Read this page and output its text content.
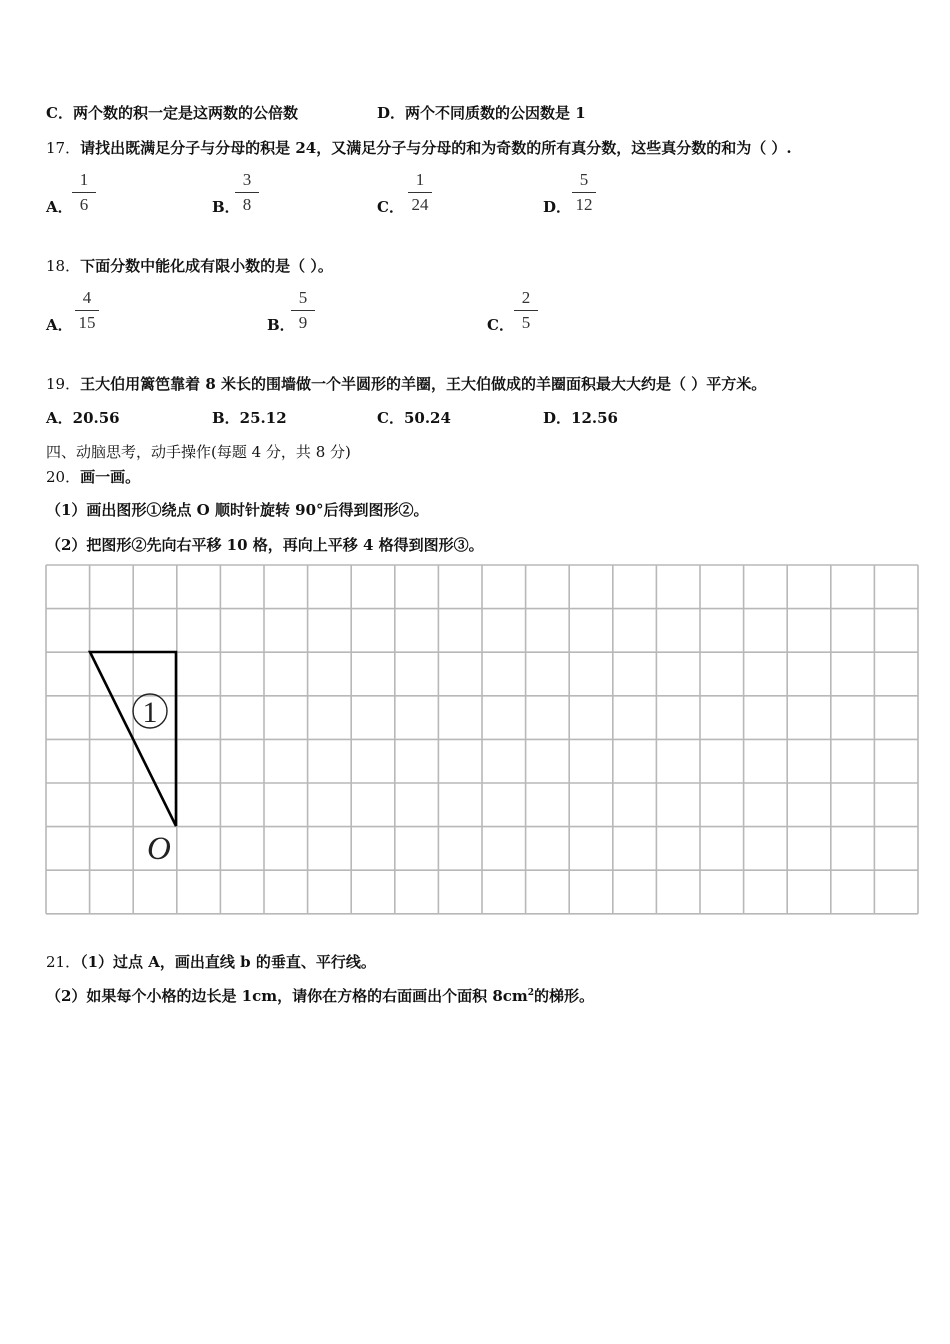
C．两个数的积一定是这两数的公倍数	D．两个不同质数的公因数是 1
17．请找出既满足分子与分母的积是 24，又满足分子与分母的和为奇数的所有真分数，这些真分数的和为（ ）.
A．
1
6	B．
3
8	C．
1
24	D．
5
12
18．下面分数中能化成有限小数的是（ ）。
A．
4
15	B．
5
9	C．
2
5
19．王大伯用篱笆靠着 8 米长的围墙做一个半圆形的羊圈，王大伯做成的羊圈面积最大大约是（ ）平方米。
A．20.56	B．25.12	C．50.24	D．12.56
四、动脑思考，动手操作(每题 4 分，共 8 分)
20．画一画。
（1）画出图形①绕点 O 顺时针旋转 90°后得到图形②。
（2）把图形②先向右平移 10 格，再向上平移 4 格得到图形③。
1
O
21．（1）过点 A，画出直线 b 的垂直、平行线。
（2）如果每个小格的边长是 1cm，请你在方格的右面画出个面积 $8cm^2$的梯形。
